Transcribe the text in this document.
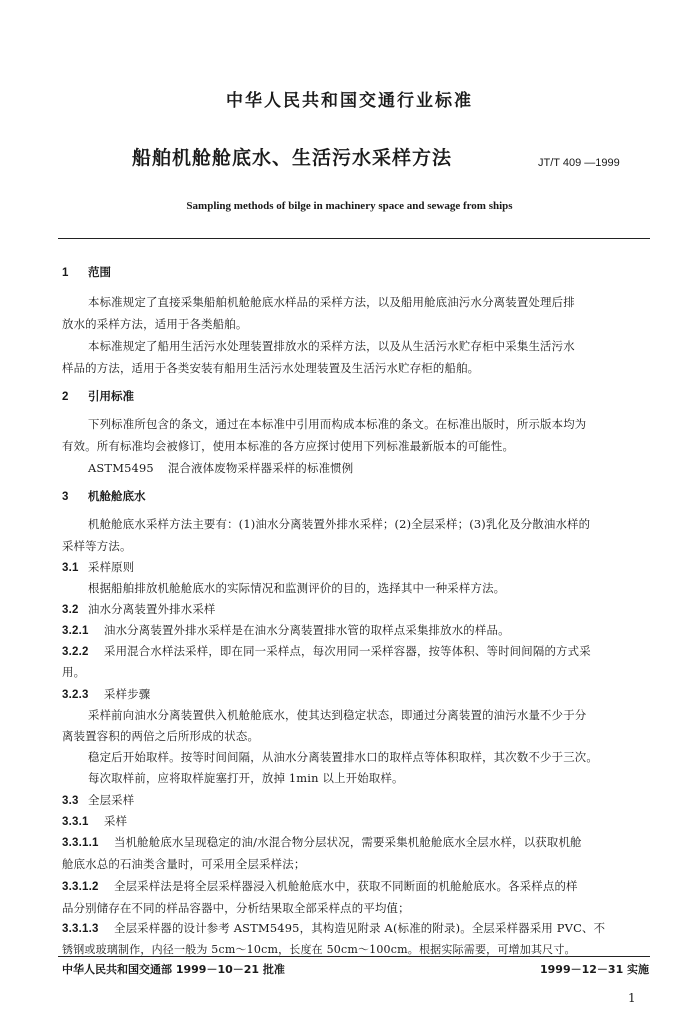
中华人民共和国交通行业标准

船舶机舱舱底水、生活污水采样方法	JT/T 409 —1999

Sampling methods of bilge in machinery space and sewage from ships

1 范围

本标准规定了直接采集船舶机舱舱底水样品的采样方法，以及船用舱底油污水分离装置处理后排

放水的采样方法，适用于各类船舶。

本标准规定了船用生活污水处理装置排放水的采样方法，以及从生活污水贮存柜中采集生活污水

样品的方法，适用于各类安装有船用生活污水处理装置及生活污水贮存柜的船舶。

2 引用标准

下列标准所包含的条文，通过在本标准中引用而构成本标准的条文。在标准出版时，所示版本均为

有效。所有标准均会被修订，使用本标准的各方应探讨使用下列标准最新版本的可能性。

ASTM5495 混合液体废物采样器采样的标准惯例

3 机舱舱底水

机舱舱底水采样方法主要有：(1)油水分离装置外排水采样；(2)全层采样；(3)乳化及分散油水样的

采样等方法。

3.1 采样原则

根据船舶排放机舱舱底水的实际情况和监测评价的目的，选择其中一种采样方法。

3.2 油水分离装置外排水采样

3.2.1 油水分离装置外排水采样是在油水分离装置排水管的取样点采集排放水的样品。

3.2.2 采用混合水样法采样，即在同一采样点，每次用同一采样容器，按等体积、等时间间隔的方式采

用。

3.2.3 采样步骤

采样前向油水分离装置供入机舱舱底水，使其达到稳定状态，即通过分离装置的油污水量不少于分

离装置容积的两倍之后所形成的状态。

稳定后开始取样。按等时间间隔，从油水分离装置排水口的取样点等体积取样，其次数不少于三次。

每次取样前，应将取样旋塞打开，放掉 1min 以上开始取样。

3.3 全层采样

3.3.1 采样

3.3.1.1 当机舱舱底水呈现稳定的油/水混合物分层状况，需要采集机舱舱底水全层水样，以获取机舱

舱底水总的石油类含量时，可采用全层采样法；

3.3.1.2 全层采样法是将全层采样器浸入机舱舱底水中，获取不同断面的机舱舱底水。各采样点的样

品分别储存在不同的样品容器中，分析结果取全部采样点的平均值；

3.3.1.3 全层采样器的设计参考 ASTM5495，其构造见附录 A(标准的附录)。全层采样器采用 PVC、不

锈钢或玻璃制作，内径一般为 5cm～10cm，长度在 50cm～100cm。根据实际需要，可增加其尺寸。

中华人民共和国交通部 1999－10－21 批准	1999－12－31 实施

1
